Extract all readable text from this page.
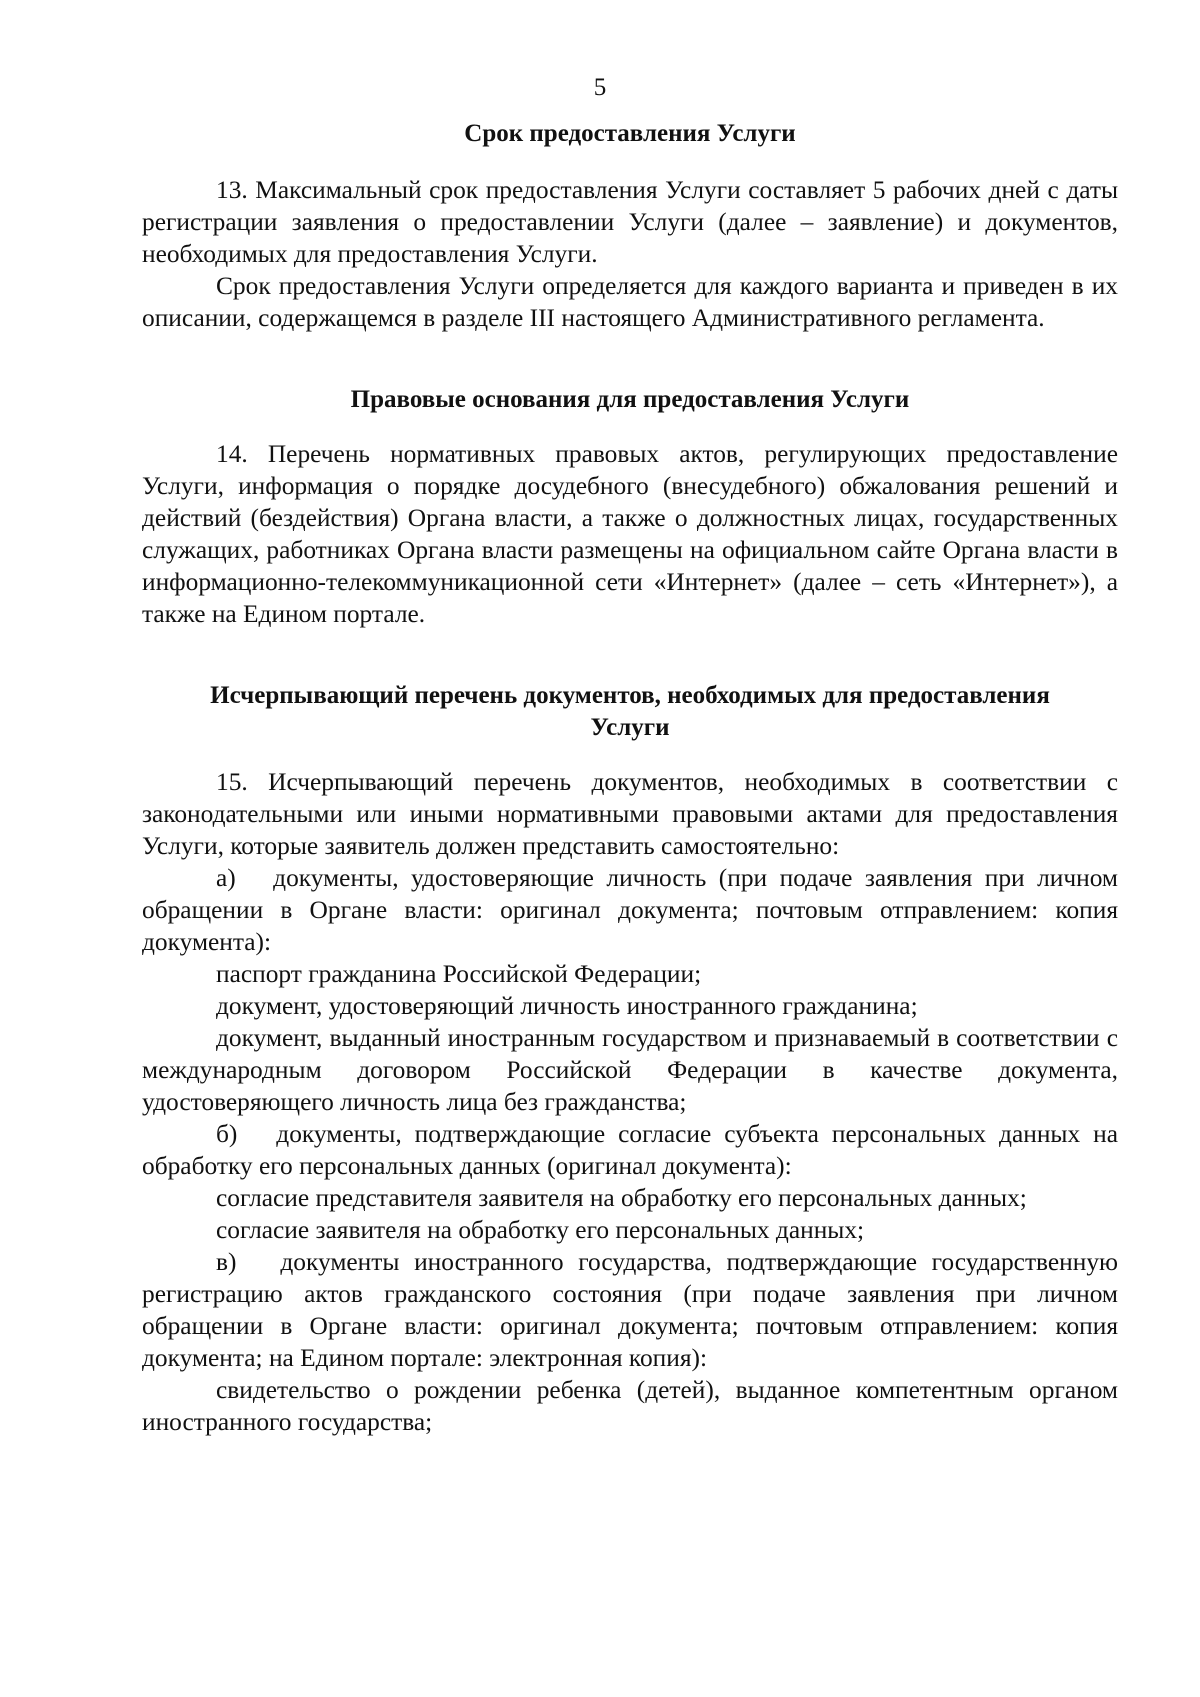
5
Срок предоставления Услуги

13. Максимальный срок предоставления Услуги составляет 5 рабочих дней с даты регистрации заявления о предоставлении Услуги (далее – заявление) и документов, необходимых для предоставления Услуги.

Срок предоставления Услуги определяется для каждого варианта и приведен в их описании, содержащемся в разделе III настоящего Административного регламента.

Правовые основания для предоставления Услуги

14. Перечень нормативных правовых актов, регулирующих предоставление Услуги, информация о порядке досудебного (внесудебного) обжалования решений и действий (бездействия) Органа власти, а также о должностных лицах, государственных служащих, работниках Органа власти размещены на официальном сайте Органа власти в информационно-телекоммуникационной сети «Интернет» (далее – сеть «Интернет»), а также на Едином портале.

Исчерпывающий перечень документов, необходимых для предоставления
Услуги

15. Исчерпывающий перечень документов, необходимых в соответствии с законодательными или иными нормативными правовыми актами для предоставления Услуги, которые заявитель должен представить самостоятельно:

а)   документы, удостоверяющие личность (при подаче заявления при личном обращении в Органе власти: оригинал документа; почтовым отправлением: копия документа):

паспорт гражданина Российской Федерации;

документ, удостоверяющий личность иностранного гражданина;

документ, выданный иностранным государством и признаваемый в соответствии с международным договором Российской Федерации в качестве документа, удостоверяющего личность лица без гражданства;

б)   документы, подтверждающие согласие субъекта персональных данных на обработку его персональных данных (оригинал документа):

согласие представителя заявителя на обработку его персональных данных;

согласие заявителя на обработку его персональных данных;

в)   документы иностранного государства, подтверждающие государственную регистрацию актов гражданского состояния (при подаче заявления при личном обращении в Органе власти: оригинал документа; почтовым отправлением: копия документа; на Едином портале: электронная копия):

свидетельство о рождении ребенка (детей), выданное компетентным органом иностранного государства;
